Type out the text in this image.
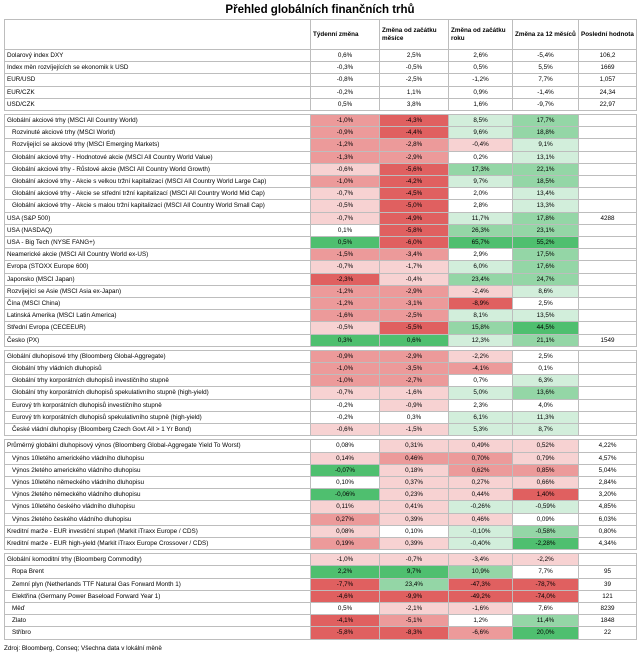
Přehled globálních finančních trhů
	Týdenní změna	Změna od začátku měsíce	Změna od začátku roku	Změna za 12 měsíců	Poslední hodnota
Dolarový index DXY	0,6%	2,5%	2,6%	-5,4%	106,2
Index měn rozvíjejících se ekonomik k USD	-0,3%	-0,5%	0,5%	5,5%	1669
EUR/USD	-0,8%	-2,5%	-1,2%	7,7%	1,057
EUR/CZK	-0,2%	1,1%	0,9%	-1,4%	24,34
USD/CZK	0,5%	3,8%	1,6%	-9,7%	22,97

Globální akciové trhy (MSCI All Country World)	-1,0%	-4,3%	8,5%	17,7%	
Rozvinuté akciové trhy (MSCI World)	-0,9%	-4,4%	9,6%	18,8%	
Rozvíjející se akciové trhy (MSCI Emerging Markets)	-1,2%	-2,8%	-0,4%	9,1%	
Globální akciové trhy - Hodnotové akcie (MSCI All Country World Value)	-1,3%	-2,9%	0,2%	13,1%	
Globální akciové trhy - Růstové akcie (MSCI All Country World Growth)	-0,6%	-5,6%	17,3%	22,1%	
Globální akciové trhy - Akcie s velkou tržní kapitalizací (MSCI All Country World Large Cap)	-1,0%	-4,2%	9,7%	18,5%	
Globální akciové trhy - Akcie se střední tržní kapitalizací (MSCI All Country World Mid Cap)	-0,7%	-4,5%	2,0%	13,4%	
Globální akciové trhy - Akcie s malou tržní kapitalizací (MSCI All Country World Small Cap)	-0,5%	-5,0%	2,8%	13,3%	
USA (S&P 500)	-0,7%	-4,9%	11,7%	17,8%	4288
USA (NASDAQ)	0,1%	-5,8%	26,3%	23,1%	
USA - Big Tech (NYSE FANG+)	0,5%	-6,0%	65,7%	55,2%	
Neamerické akcie (MSCI All Country World ex-US)	-1,5%	-3,4%	2,9%	17,5%	
Evropa (STOXX Europe 600)	-0,7%	-1,7%	6,0%	17,6%	
Japonsko (MSCI Japan)	-2,3%	-0,4%	23,4%	24,7%	
Rozvíjející se Asie (MSCI Asia ex-Japan)	-1,2%	-2,9%	-2,4%	8,6%	
Čína (MSCI China)	-1,2%	-3,1%	-8,9%	2,5%	
Latinská Amerika (MSCI Latin America)	-1,6%	-2,5%	8,1%	13,5%	
Střední Evropa (CECEEUR)	-0,5%	-5,5%	15,8%	44,5%	
Česko (PX)	0,3%	0,6%	12,3%	21,1%	1549

Globální dluhopisové trhy (Bloomberg Global-Aggregate)	-0,9%	-2,9%	-2,2%	2,5%	
Globální trhy vládních dluhopisů	-1,0%	-3,5%	-4,1%	0,1%	
Globální trhy korporátních dluhopisů investičního stupně	-1,0%	-2,7%	0,7%	6,3%	
Globální trhy korporátních dluhopisů spekulativního stupně (high-yield)	-0,7%	-1,6%	5,0%	13,6%	
Eurový trh korporátních dluhopisů investičního stupně	-0,2%	-0,9%	2,3%	4,0%	
Eurový trh korporátních dluhopisů spekulativního stupně (high-yield)	-0,2%	0,3%	6,1%	11,3%	
České vládní dluhopisy (Bloomberg Czech Govt All > 1 Yr Bond)	-0,6%	-1,5%	5,3%	8,7%	

Průměrný globální dluhopisový výnos (Bloomberg Global-Aggregate Yield To Worst)	0,08%	0,31%	0,49%	0,52%	4,22%
Výnos 10letého amerického vládního dluhopisu	0,14%	0,46%	0,70%	0,79%	4,57%
Výnos 2letého amerického vládního dluhopisu	-0,07%	0,18%	0,62%	0,85%	5,04%
Výnos 10letého německého vládního dluhopisu	0,10%	0,37%	0,27%	0,66%	2,84%
Výnos 2letého německého vládního dluhopisu	-0,06%	0,23%	0,44%	1,40%	3,20%
Výnos 10letého českého vládního dluhopisu	0,11%	0,41%	-0,26%	-0,59%	4,85%
Výnos 2letého českého vládního dluhopisu	0,27%	0,39%	0,46%	0,09%	6,03%
Kreditní marže - EUR investiční stupeň (Markit iTraxx Europe / CDS)	0,08%	0,10%	-0,10%	-0,58%	0,80%
Kreditní marže - EUR high-yield (Markit iTraxx Europe Crossover / CDS)	0,19%	0,39%	-0,40%	-2,28%	4,34%

Globální komoditní trhy (Bloomberg Commodity)	-1,0%	-0,7%	-3,4%	-2,2%	
Ropa Brent	2,2%	9,7%	10,9%	7,7%	95
Zemní plyn (Netherlands TTF Natural Gas Forward Month 1)	-7,7%	23,4%	-47,3%	-78,7%	39
Elektřina (Germany Power Baseload Forward Year 1)	-4,6%	-9,9%	-49,2%	-74,0%	121
Měď	0,5%	-2,1%	-1,6%	7,6%	8239
Zlato	-4,1%	-5,1%	1,2%	11,4%	1848
Stříbro	-5,8%	-8,3%	-6,6%	20,0%	22
Zdroj: Bloomberg, Conseq; Všechna data v lokální měně
